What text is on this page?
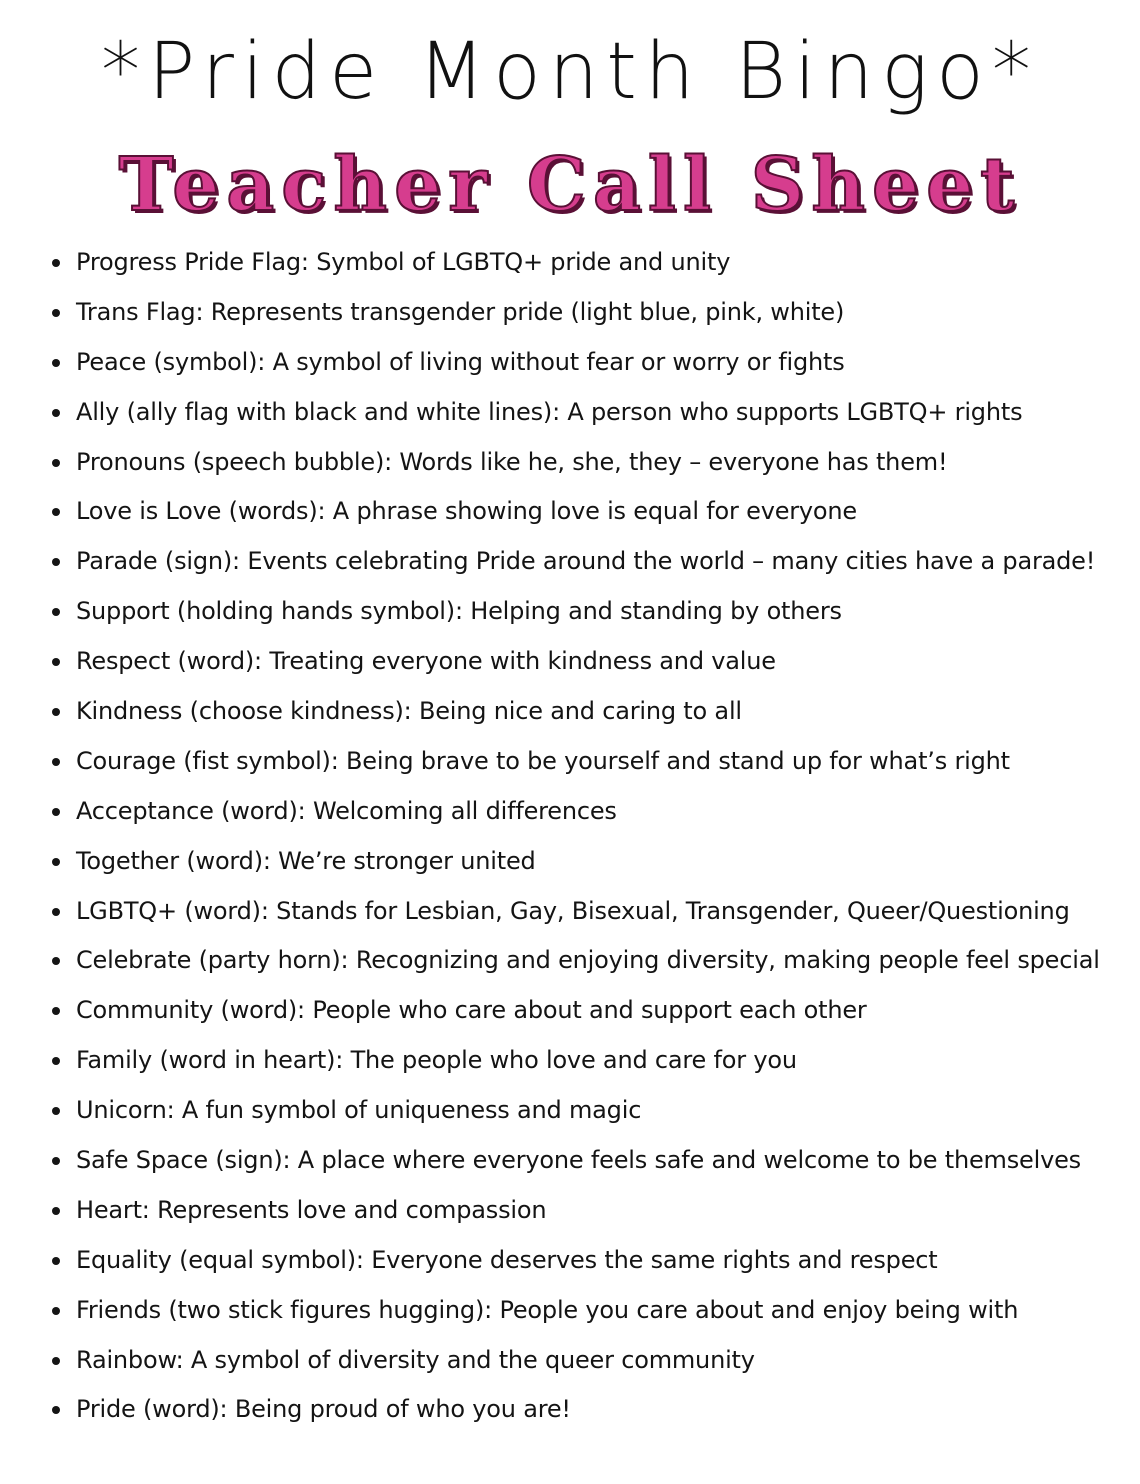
*Pride Month Bingo*
Teacher Call Sheet
Progress Pride Flag: Symbol of LGBTQ+ pride and unity
Trans Flag: Represents transgender pride (light blue, pink, white)
Peace (symbol): A symbol of living without fear or worry or fights
Ally (ally flag with black and white lines): A person who supports LGBTQ+ rights
Pronouns (speech bubble): Words like he, she, they – everyone has them!
Love is Love (words): A phrase showing love is equal for everyone
Parade (sign): Events celebrating Pride around the world – many cities have a parade!
Support (holding hands symbol): Helping and standing by others
Respect (word): Treating everyone with kindness and value
Kindness (choose kindness): Being nice and caring to all
Courage (fist symbol): Being brave to be yourself and stand up for what’s right
Acceptance (word): Welcoming all differences
Together (word): We’re stronger united
LGBTQ+ (word): Stands for Lesbian, Gay, Bisexual, Transgender, Queer/Questioning
Celebrate (party horn): Recognizing and enjoying diversity, making people feel special
Community (word): People who care about and support each other
Family (word in heart): The people who love and care for you
Unicorn: A fun symbol of uniqueness and magic
Safe Space (sign): A place where everyone feels safe and welcome to be themselves
Heart: Represents love and compassion
Equality (equal symbol): Everyone deserves the same rights and respect
Friends (two stick figures hugging): People you care about and enjoy being with
Rainbow: A symbol of diversity and the queer community
Pride (word): Being proud of who you are!
